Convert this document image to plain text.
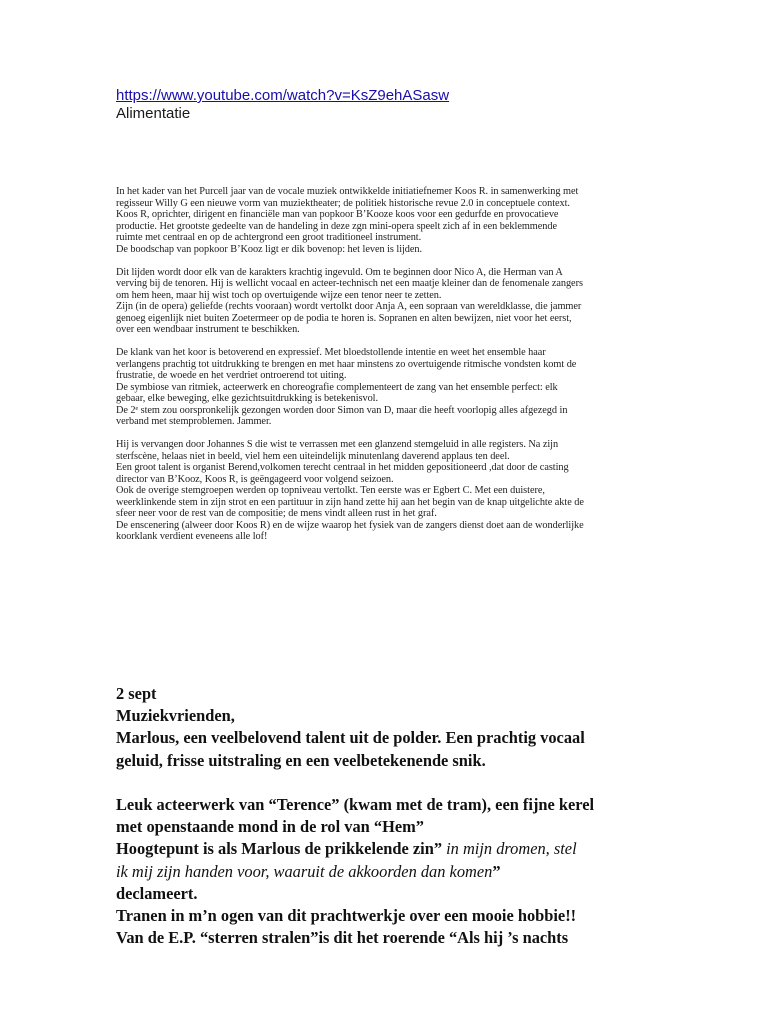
https://www.youtube.com/watch?v=KsZ9ehASasw
Alimentatie

In het kader van het Purcell jaar van de vocale muziek ontwikkelde initiatiefnemer Koos R. in samenwerking met
regisseur Willy G een nieuwe vorm van muziektheater; de politiek historische revue 2.0 in conceptuele context.
Koos R, oprichter, dirigent en financiële man van popkoor B’Kooze koos voor een gedurfde en provocatieve
productie. Het grootste gedeelte van de handeling in deze zgn mini-opera speelt zich af in een beklemmende
ruimte met centraal en op de achtergrond een groot traditioneel instrument.
De boodschap van popkoor B’Kooz ligt er dik bovenop: het leven is lijden.

Dit lijden wordt door elk van de karakters krachtig ingevuld. Om te beginnen door Nico A, die Herman van A
verving bij de tenoren. Hij is wellicht vocaal en acteer-technisch net een maatje kleiner dan de fenomenale zangers
om hem heen, maar hij wist toch op overtuigende wijze een tenor neer te zetten.
Zijn (in de opera) geliefde (rechts vooraan) wordt vertolkt door Anja A, een sopraan van wereldklasse, die jammer
genoeg eigenlijk niet buiten Zoetermeer op de podia te horen is. Sopranen en alten bewijzen, niet voor het eerst,
over een wendbaar instrument te beschikken.

De klank van het koor is betoverend en expressief. Met bloedstollende intentie en weet het ensemble haar
verlangens prachtig tot uitdrukking te brengen en met haar minstens zo overtuigende ritmische vondsten komt de
frustratie, de woede en het verdriet ontroerend tot uiting.
De symbiose van ritmiek, acteerwerk en choreografie complementeert de zang van het ensemble perfect: elk
gebaar, elke beweging, elke gezichtsuitdrukking is betekenisvol.
De 2ᵉ stem zou oorspronkelijk gezongen worden door Simon van D, maar die heeft voorlopig alles afgezegd in
verband met stemproblemen. Jammer.

Hij is vervangen door Johannes S die wist te verrassen met een glanzend stemgeluid in alle registers. Na zijn
sterfscène, helaas niet in beeld, viel hem een uiteindelijk minutenlang daverend applaus ten deel.
Een groot talent is organist Berend,volkomen terecht centraal in het midden gepositioneerd ,dat door de casting
director van B’Kooz, Koos R, is geëngageerd voor volgend seizoen.
Ook de overige stemgroepen werden op topniveau vertolkt. Ten eerste was er Egbert C. Met een duistere,
weerklinkende stem in zijn strot en een partituur in zijn hand zette hij aan het begin van de knap uitgelichte akte de
sfeer neer voor de rest van de compositie; de mens vindt alleen rust in het graf.
De enscenering (alweer door Koos R) en de wijze waarop het fysiek van de zangers dienst doet aan de wonderlijke
koorklank verdient eveneens alle lof!

2 sept
Muziekvrienden,
Marlous, een veelbelovend talent uit de polder. Een prachtig vocaal
geluid, frisse uitstraling en een veelbetekenende snik.
Leuk acteerwerk van “Terence” (kwam met de tram), een fijne kerel
met openstaande mond in de rol van “Hem”
Hoogtepunt is als Marlous de prikkelende zin” in mijn dromen, stel
ik mij zijn handen voor, waaruit de akkoorden dan komen”
declameert.
Tranen in m’n ogen van dit prachtwerkje over een mooie hobbie!!
Van de E.P. “sterren stralen”is dit het roerende “Als hij ’s nachts
